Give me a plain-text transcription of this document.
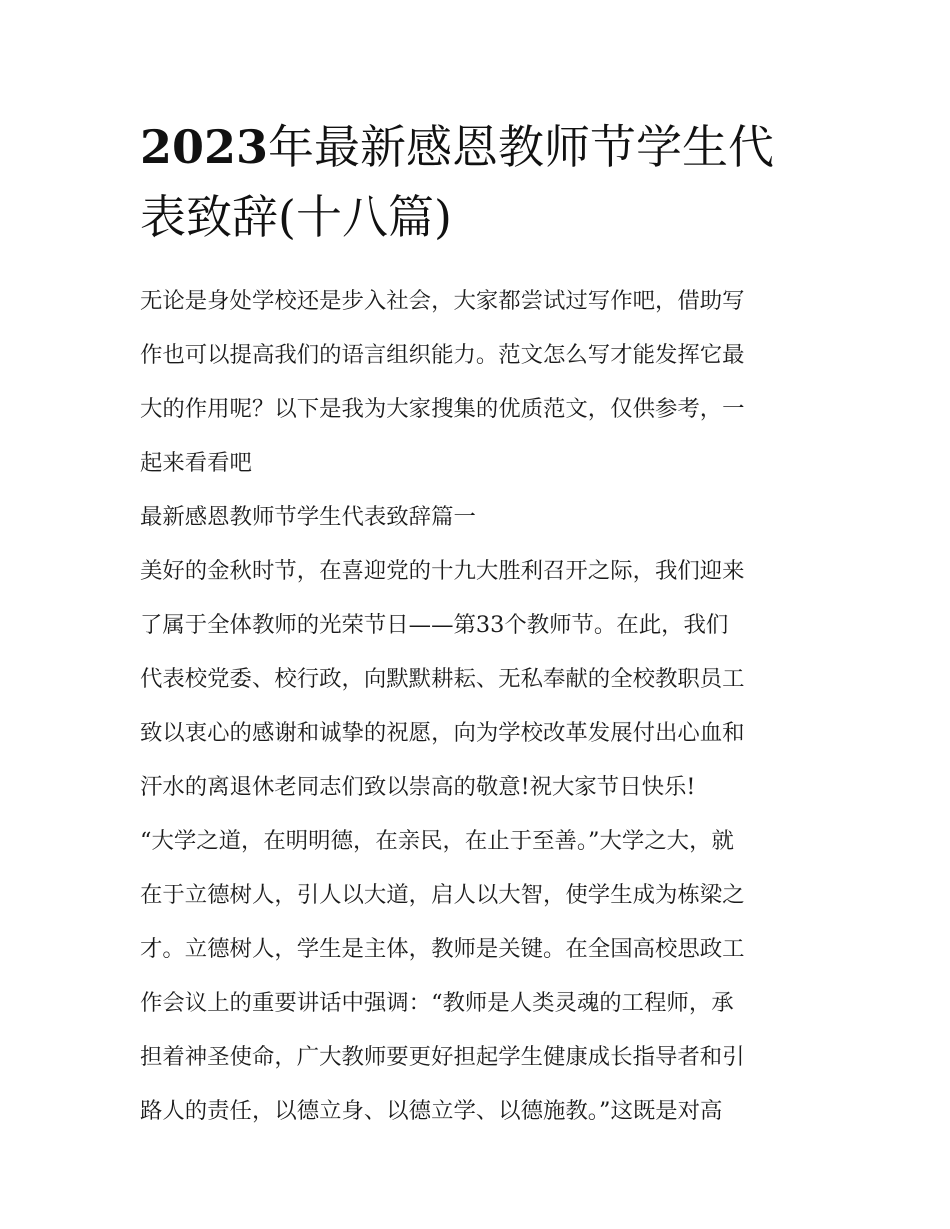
2023年最新感恩教师节学生代
表致辞(十八篇)

无论是身处学校还是步入社会，大家都尝试过写作吧，借助写
作也可以提高我们的语言组织能力。范文怎么写才能发挥它最
大的作用呢？以下是我为大家搜集的优质范文，仅供参考，一
起来看看吧

最新感恩教师节学生代表致辞篇一

美好的金秋时节，在喜迎党的十九大胜利召开之际，我们迎来
了属于全体教师的光荣节日——第33个教师节。在此，我们
代表校党委、校行政，向默默耕耘、无私奉献的全校教职员工
致以衷心的感谢和诚挚的祝愿，向为学校改革发展付出心血和
汗水的离退休老同志们致以崇高的敬意!祝大家节日快乐!

“大学之道，在明明德，在亲民，在止于至善。”大学之大，就
在于立德树人，引人以大道，启人以大智，使学生成为栋梁之
才。立德树人，学生是主体，教师是关键。在全国高校思政工
作会议上的重要讲话中强调：“教师是人类灵魂的工程师，承
担着神圣使命，广大教师要更好担起学生健康成长指导者和引
路人的责任，以德立身、以德立学、以德施教。”这既是对高
